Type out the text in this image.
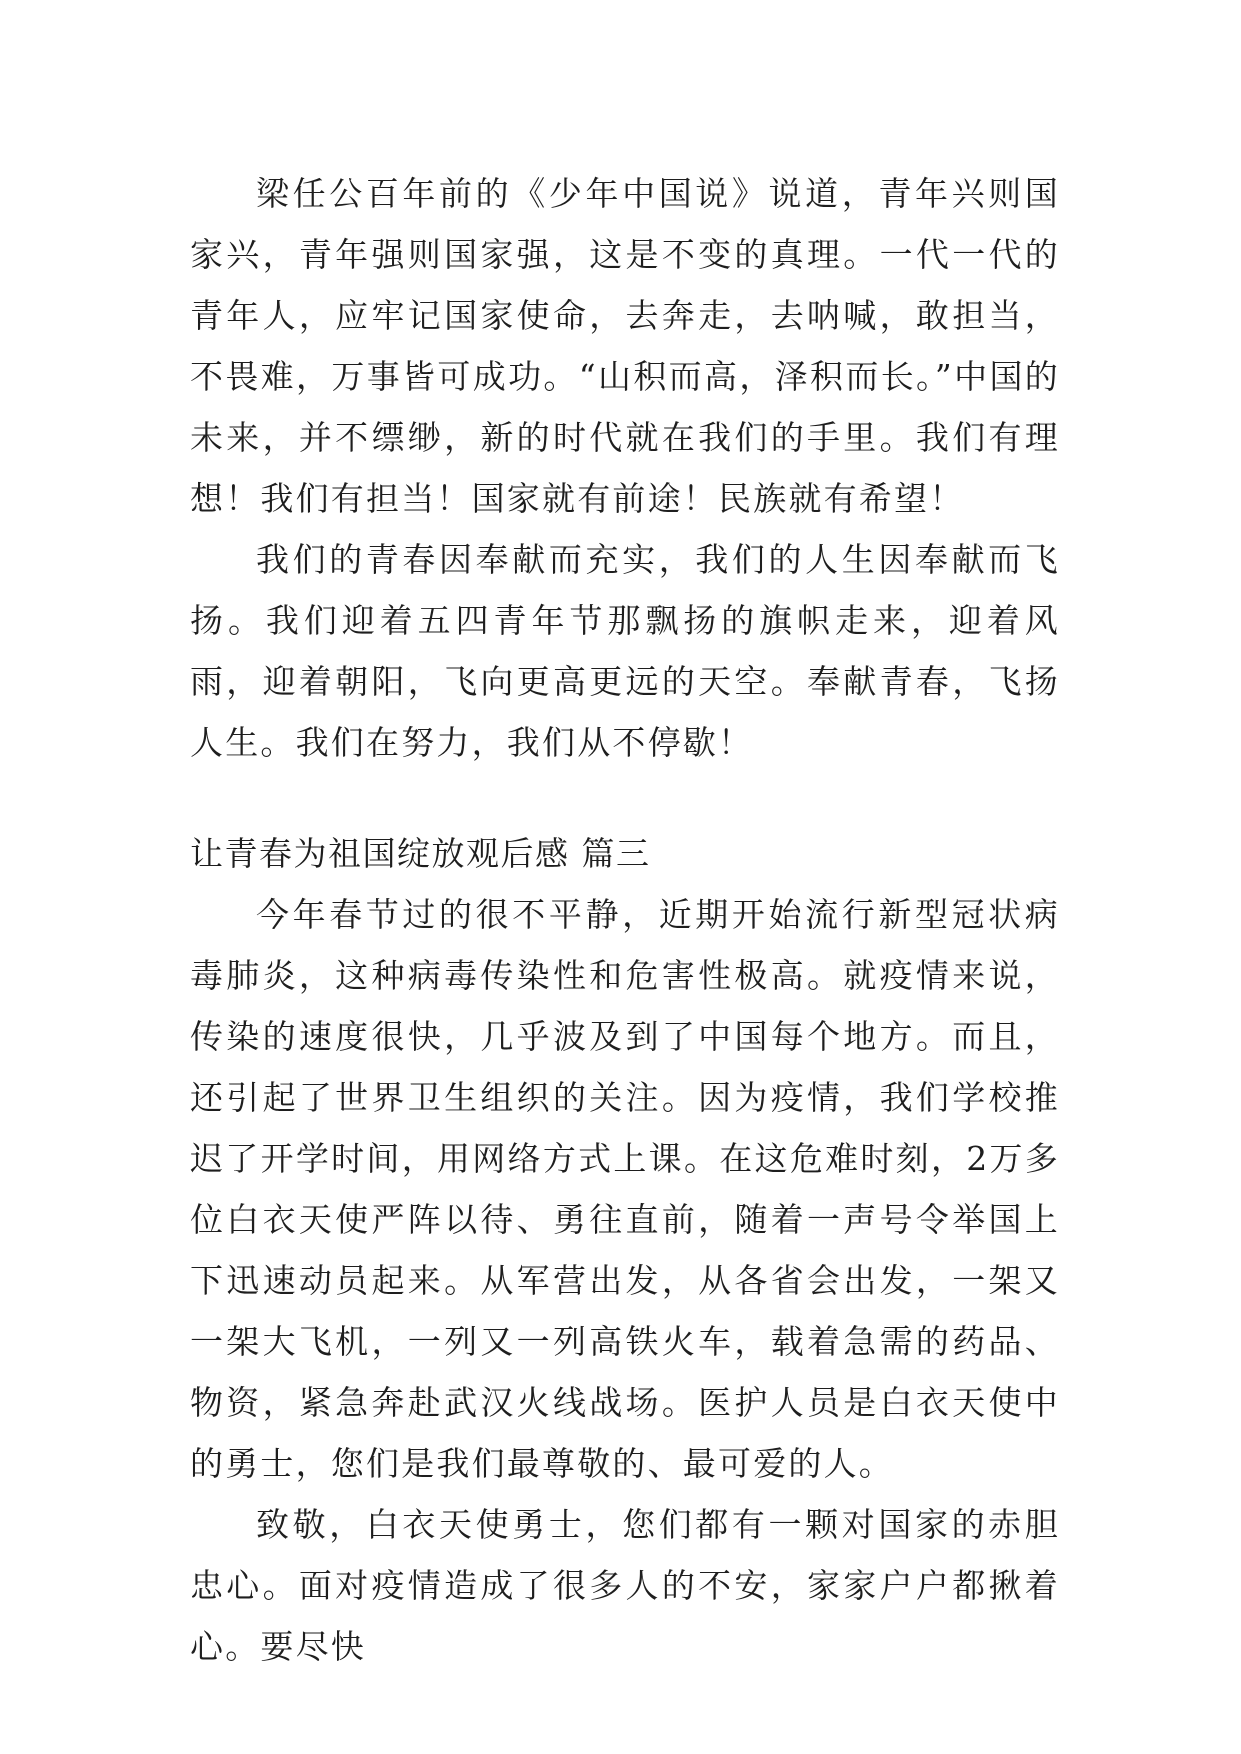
梁任公百年前的《少年中国说》说道，青年兴则国家兴，青年强则国家强，这是不变的真理。一代一代的青年人，应牢记国家使命，去奔走，去呐喊，敢担当，不畏难，万事皆可成功。“山积而高，泽积而长。”中国的未来，并不缥缈，新的时代就在我们的手里。我们有理想！我们有担当！国家就有前途！民族就有希望！

我们的青春因奉献而充实，我们的人生因奉献而飞扬。我们迎着五四青年节那飘扬的旗帜走来，迎着风雨，迎着朝阳，飞向更高更远的天空。奉献青春，飞扬人生。我们在努力，我们从不停歇！

让青春为祖国绽放观后感 篇三

今年春节过的很不平静，近期开始流行新型冠状病毒肺炎，这种病毒传染性和危害性极高。就疫情来说，传染的速度很快，几乎波及到了中国每个地方。而且，还引起了世界卫生组织的关注。因为疫情，我们学校推迟了开学时间，用网络方式上课。在这危难时刻，2万多位白衣天使严阵以待、勇往直前，随着一声号令举国上下迅速动员起来。从军营出发，从各省会出发，一架又一架大飞机，一列又一列高铁火车，载着急需的药品、物资，紧急奔赴武汉火线战场。医护人员是白衣天使中的勇士，您们是我们最尊敬的、最可爱的人。

致敬，白衣天使勇士，您们都有一颗对国家的赤胆忠心。面对疫情造成了很多人的不安，家家户户都揪着心。要尽快
